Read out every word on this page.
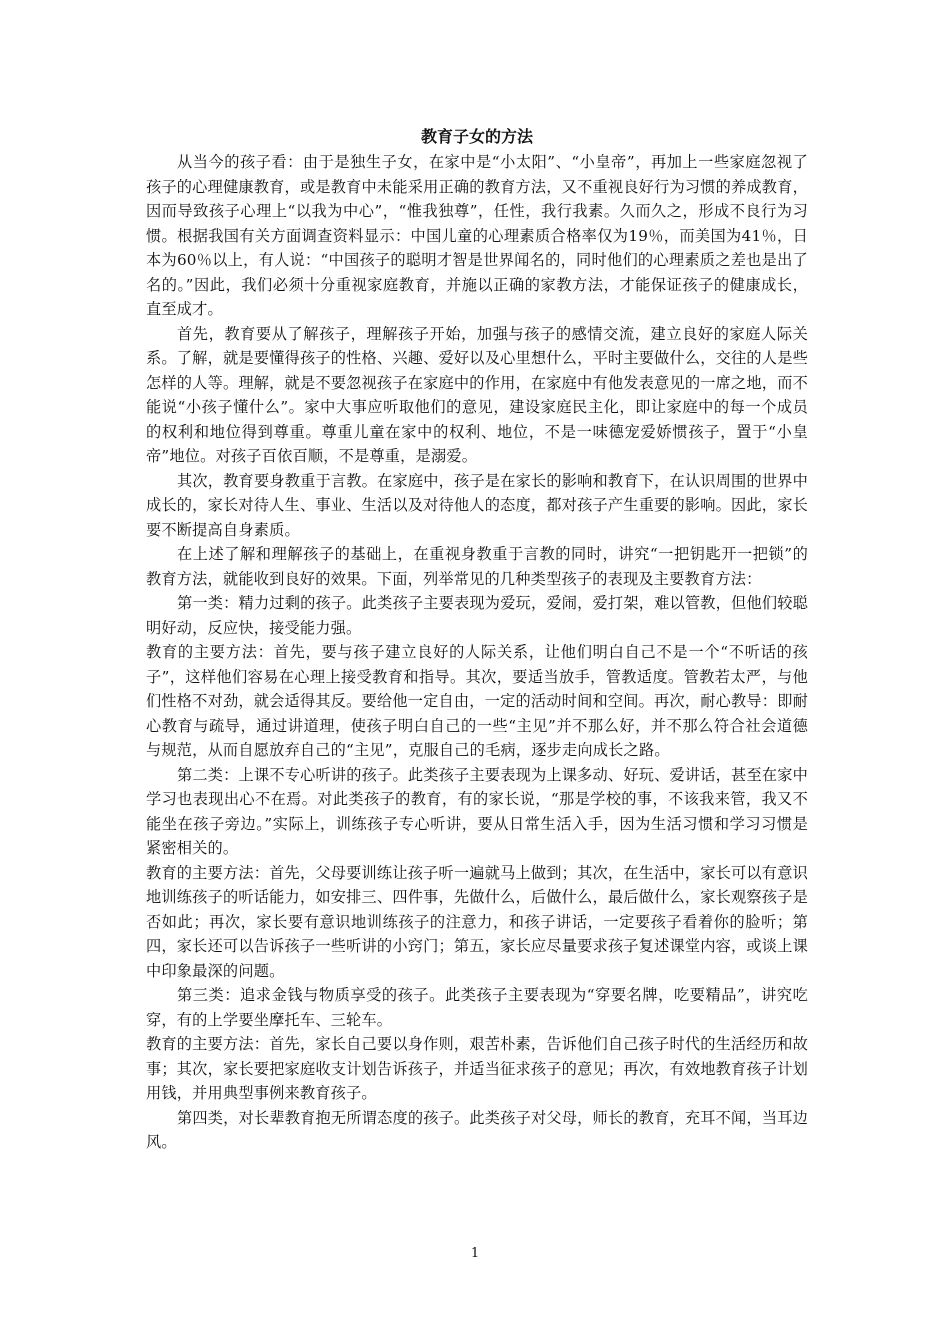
教育子女的方法

从当今的孩子看：由于是独生子女，在家中是“小太阳”、“小皇帝”，再加上一些家庭忽视了孩子的心理健康教育，或是教育中未能采用正确的教育方法，又不重视良好行为习惯的养成教育，因而导致孩子心理上“以我为中心”，“惟我独尊”，任性，我行我素。久而久之，形成不良行为习惯。根据我国有关方面调查资料显示：中国儿童的心理素质合格率仅为19％，而美国为41％，日本为60％以上，有人说：“中国孩子的聪明才智是世界闻名的，同时他们的心理素质之差也是出了名的。”因此，我们必须十分重视家庭教育，并施以正确的家教方法，才能保证孩子的健康成长，直至成才。

首先，教育要从了解孩子，理解孩子开始，加强与孩子的感情交流，建立良好的家庭人际关系。了解，就是要懂得孩子的性格、兴趣、爱好以及心里想什么，平时主要做什么，交往的人是些怎样的人等。理解，就是不要忽视孩子在家庭中的作用，在家庭中有他发表意见的一席之地，而不能说“小孩子懂什么”。家中大事应听取他们的意见，建设家庭民主化，即让家庭中的每一个成员的权利和地位得到尊重。尊重儿童在家中的权利、地位，不是一味德宠爱娇惯孩子，置于“小皇帝”地位。对孩子百依百顺，不是尊重，是溺爱。

其次，教育要身教重于言教。在家庭中，孩子是在家长的影响和教育下，在认识周围的世界中成长的，家长对待人生、事业、生活以及对待他人的态度，都对孩子产生重要的影响。因此，家长要不断提高自身素质。

在上述了解和理解孩子的基础上，在重视身教重于言教的同时，讲究“一把钥匙开一把锁”的教育方法，就能收到良好的效果。下面，列举常见的几种类型孩子的表现及主要教育方法：

第一类：精力过剩的孩子。此类孩子主要表现为爱玩，爱闹，爱打架，难以管教，但他们较聪明好动，反应快，接受能力强。

教育的主要方法：首先，要与孩子建立良好的人际关系，让他们明白自己不是一个“不听话的孩子”，这样他们容易在心理上接受教育和指导。其次，要适当放手，管教适度。管教若太严，与他们性格不对劲，就会适得其反。要给他一定自由，一定的活动时间和空间。再次，耐心教导：即耐心教育与疏导，通过讲道理，使孩子明白自己的一些“主见”并不那么好，并不那么符合社会道德与规范，从而自愿放弃自己的“主见”，克服自己的毛病，逐步走向成长之路。

第二类：上课不专心听讲的孩子。此类孩子主要表现为上课多动、好玩、爱讲话，甚至在家中学习也表现出心不在焉。对此类孩子的教育，有的家长说，“那是学校的事，不该我来管，我又不能坐在孩子旁边。”实际上，训练孩子专心听讲，要从日常生活入手，因为生活习惯和学习习惯是紧密相关的。

教育的主要方法：首先，父母要训练让孩子听一遍就马上做到；其次，在生活中，家长可以有意识地训练孩子的听话能力，如安排三、四件事，先做什么，后做什么，最后做什么，家长观察孩子是否如此；再次，家长要有意识地训练孩子的注意力，和孩子讲话，一定要孩子看着你的脸听；第四，家长还可以告诉孩子一些听讲的小窍门；第五，家长应尽量要求孩子复述课堂内容，或谈上课中印象最深的问题。

第三类：追求金钱与物质享受的孩子。此类孩子主要表现为“穿要名牌，吃要精品”，讲究吃穿，有的上学要坐摩托车、三轮车。

教育的主要方法：首先，家长自己要以身作则，艰苦朴素，告诉他们自己孩子时代的生活经历和故事；其次，家长要把家庭收支计划告诉孩子，并适当征求孩子的意见；再次，有效地教育孩子计划用钱，并用典型事例来教育孩子。

第四类，对长辈教育抱无所谓态度的孩子。此类孩子对父母，师长的教育，充耳不闻，当耳边风。

1
